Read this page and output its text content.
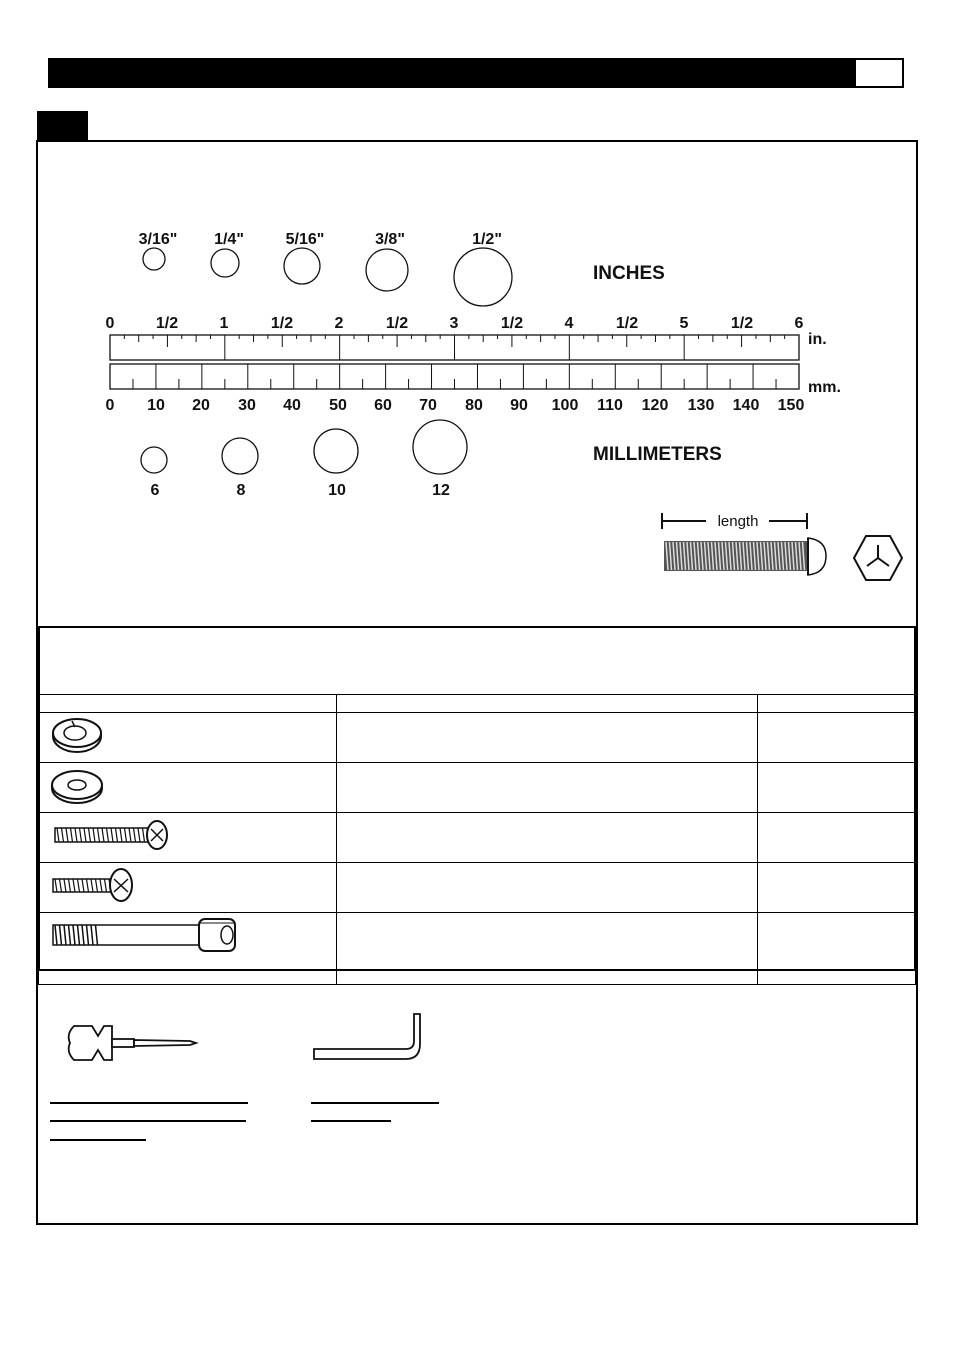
3/16" 1/4"	5/16"	3/8"	1/2"
INCHES
0	1/2	1	1/2	2	1/2	3	1/2	4	1/2	5	1/2	6
in.
mm.
0 10 20 30 40 50 60 70 80 90 100 110 120 130 140 150
6	8	10	12
MILLIMETERS
length
